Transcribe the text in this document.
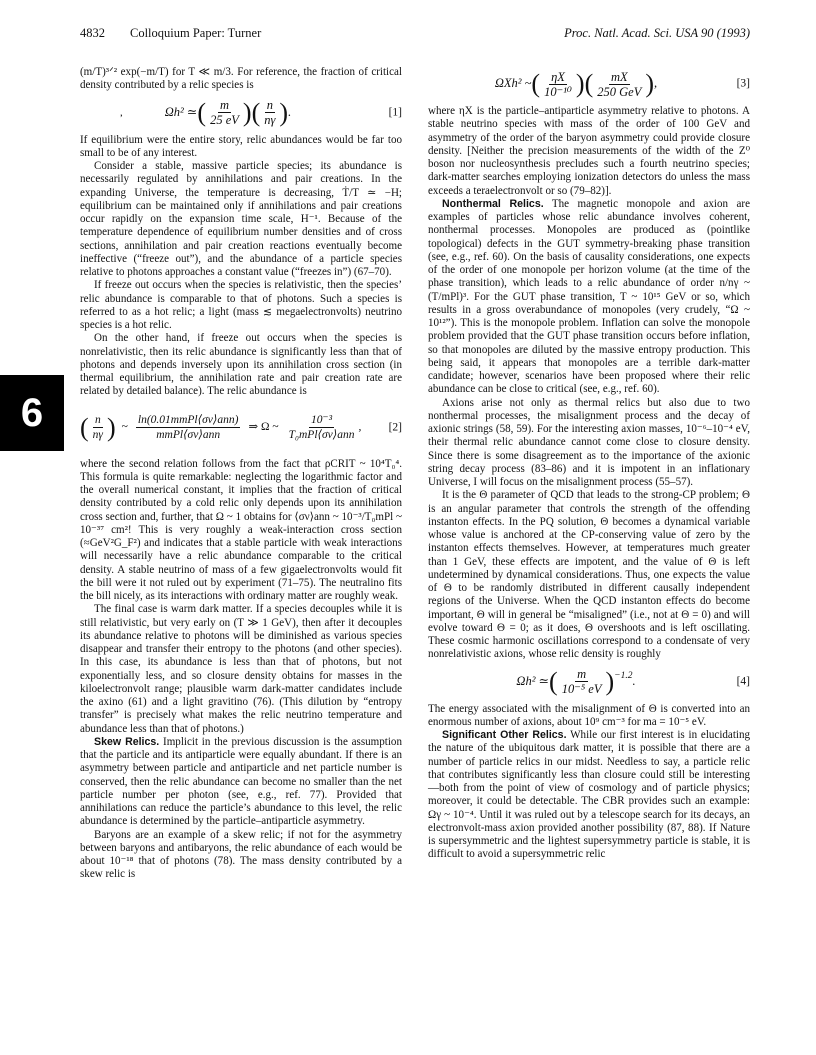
4832  Colloquium Paper: Turner	Proc. Natl. Acad. Sci. USA 90 (1993)
6

(m/T)³ᐟ² exp(−m/T) for T ≪ m/3. For reference, the fraction of critical density contributed by a relic species is

,	Ωh² ≃ ( $\frac{m}{25 eV}$ ) ( $\frac{n}{n\gamma}$ ) .	[1]

If equilibrium were the entire story, relic abundances would be far too small to be of any interest.

Consider a stable, massive particle species; its abundance is necessarily regulated by annihilations and pair creations. In the expanding Universe, the temperature is decreasing, Ṫ/T ≃ −H; equilibrium can be maintained only if annihilations and pair creations occur rapidly on the expansion time scale, H⁻¹. Because of the temperature dependence of equilibrium number densities and of cross sections, annihilation and pair creation reactions eventually become ineffective (“freeze out”), and the abundance of a particle species relative to photons approaches a constant value (“freezes in”) (67–70).

If freeze out occurs when the species is relativistic, then the species’ relic abundance is comparable to that of photons. Such a species is referred to as a hot relic; a light (mass ≲ megaelectronvolts) neutrino species is a hot relic.

On the other hand, if freeze out occurs when the species is nonrelativistic, then its relic abundance is significantly less than that of photons and depends inversely upon its annihilation cross section (in thermal equilibrium, the annihilation rate and pair creation rate are related by detailed balance). The relic abundance is

( $\frac{n}{n\gamma}$ ) ~ $\frac{\text{ln(0.01mmPl⟨σν⟩ann)}}{\text{mmPl⟨σν⟩ann}}$ ⇒ Ω ~ $\frac{\text{10⁻³}}{\text{T₀mPl⟨σν⟩ann}}$ , [2]

where the second relation follows from the fact that ρCRIT ~ 10⁴T₀⁴. This formula is quite remarkable: neglecting the logarithmic factor and the overall numerical constant, it implies that the fraction of critical density contributed by a cold relic only depends upon its annihilation cross section and, further, that Ω ~ 1 obtains for ⟨σν⟩ann ~ 10⁻³/T₀mPl ~ 10⁻³⁷ cm²! This is very roughly a weak-interaction cross section (≈GeV²G_F²) and indicates that a stable particle with weak interactions will necessarily have a relic abundance comparable to the critical density. A stable neutrino of mass of a few gigaelectronvolts would fit the bill were it not ruled out by experiment (71–75). The neutralino fits the bill nicely, as its interactions with ordinary matter are roughly weak.

The final case is warm dark matter. If a species decouples while it is still relativistic, but very early on (T ≫ 1 GeV), then after it decouples its abundance relative to photons will be diminished as various species disappear and transfer their entropy to the photons (and other species). In this case, its abundance is less than that of photons, but not exponentially less, and so closure density obtains for masses in the kiloelectronvolt range; plausible warm dark-matter candidates include the axino (61) and a light gravitino (76). (This dilution by “entropy transfer” is precisely what makes the relic neutrino temperature and abundance less than that of photons.)

Skew Relics. Implicit in the previous discussion is the assumption that the particle and its antiparticle were equally abundant. If there is an asymmetry between particle and antiparticle and net particle number is conserved, then the relic abundance can become no smaller than the net particle number per photon (see, e.g., ref. 77). Provided that annihilations can reduce the particle’s abundance to this level, the relic abundance is determined by the particle–antiparticle asymmetry.

Baryons are an example of a skew relic; if not for the asymmetry between baryons and antibaryons, the relic abundance of each would be about 10⁻¹⁸ that of photons (78). The mass density contributed by a skew relic is

ΩXh² ~ ( $\frac{\eta X}{\text{10⁻¹⁰}}$ ) ( $\frac{mX}{\text{250 GeV}}$ ) ,	[3]

where ηX is the particle–antiparticle asymmetry relative to photons. A stable neutrino species with mass of the order of 100 GeV and asymmetry of the order of the baryon asymmetry could provide closure density. [Neither the precision measurements of the width of the Z⁰ boson nor nucleosynthesis precludes such a fourth neutrino species; dark-matter searches employing ionization detectors do unless the mass exceeds a teraelectronvolt or so (79–82)].

Nonthermal Relics. The magnetic monopole and axion are examples of particles whose relic abundance involves coherent, nonthermal processes. Monopoles are produced as (pointlike topological) defects in the GUT symmetry-breaking phase transition (see, e.g., ref. 60). On the basis of causality considerations, one expects of the order of one monopole per horizon volume (at the time of the phase transition), which leads to a relic abundance of order n/nγ ~ (T/mPl)³. For the GUT phase transition, T ~ 10¹⁵ GeV or so, which results in a gross overabundance of monopoles (very crudely, “Ω ~ 10¹²”). This is the monopole problem. Inflation can solve the monopole problem provided that the GUT phase transition occurs before inflation, so that monopoles are diluted by the massive entropy production. This being said, it appears that monopoles are a terrible dark-matter candidate; however, scenarios have been proposed where their relic abundance can be close to critical (see, e.g., ref. 60).

Axions arise not only as thermal relics but also due to two nonthermal processes, the misalignment process and the decay of axionic strings (58, 59). For the interesting axion masses, 10⁻⁶–10⁻⁴ eV, their thermal relic abundance cannot come close to closure density. Since there is some disagreement as to the importance of the axionic string decay process (83–86) and it is impotent in an inflationary Universe, I will focus on the misalignment process (55–57).

It is the Θ parameter of QCD that leads to the strong-CP problem; Θ is an angular parameter that controls the strength of the offending instanton effects. In the PQ solution, Θ becomes a dynamical variable whose value is anchored at the CP-conserving value of zero by the instanton effects themselves. However, at temperatures much greater than 1 GeV, these effects are impotent, and the value of Θ is left undetermined by dynamical considerations. Thus, one expects the value of Θ to be randomly distributed in different causally independent regions of the Universe. When the QCD instanton effects do become important, Θ will in general be “misaligned” (i.e., not at Θ = 0) and will evolve toward Θ = 0; as it does, Θ overshoots and is left oscillating. These cosmic harmonic oscillations correspond to a condensate of very nonrelativistic axions, whose relic density is roughly

Ωh² ≃ ( $\frac{m}{\text{10⁻⁵ eV}} )^{-1.2}$ .	[4]

The energy associated with the misalignment of Θ is converted into an enormous number of axions, about 10⁹ cm⁻³ for ma = 10⁻⁵ eV.

Significant Other Relics. While our first interest is in elucidating the nature of the ubiquitous dark matter, it is possible that there are a number of particle relics in our midst. Needless to say, a particle relic that contributes significantly less than closure could still be interesting—both from the point of view of cosmology and of particle physics; moreover, it could be detectable. The CBR provides such an example: Ωγ ~ 10⁻⁴. Until it was ruled out by a telescope search for its decays, an electronvolt-mass axion provided another possibility (87, 88). If Nature is supersymmetric and the lightest supersymmetry particle is stable, it is difficult to avoid a supersymmetric relic
